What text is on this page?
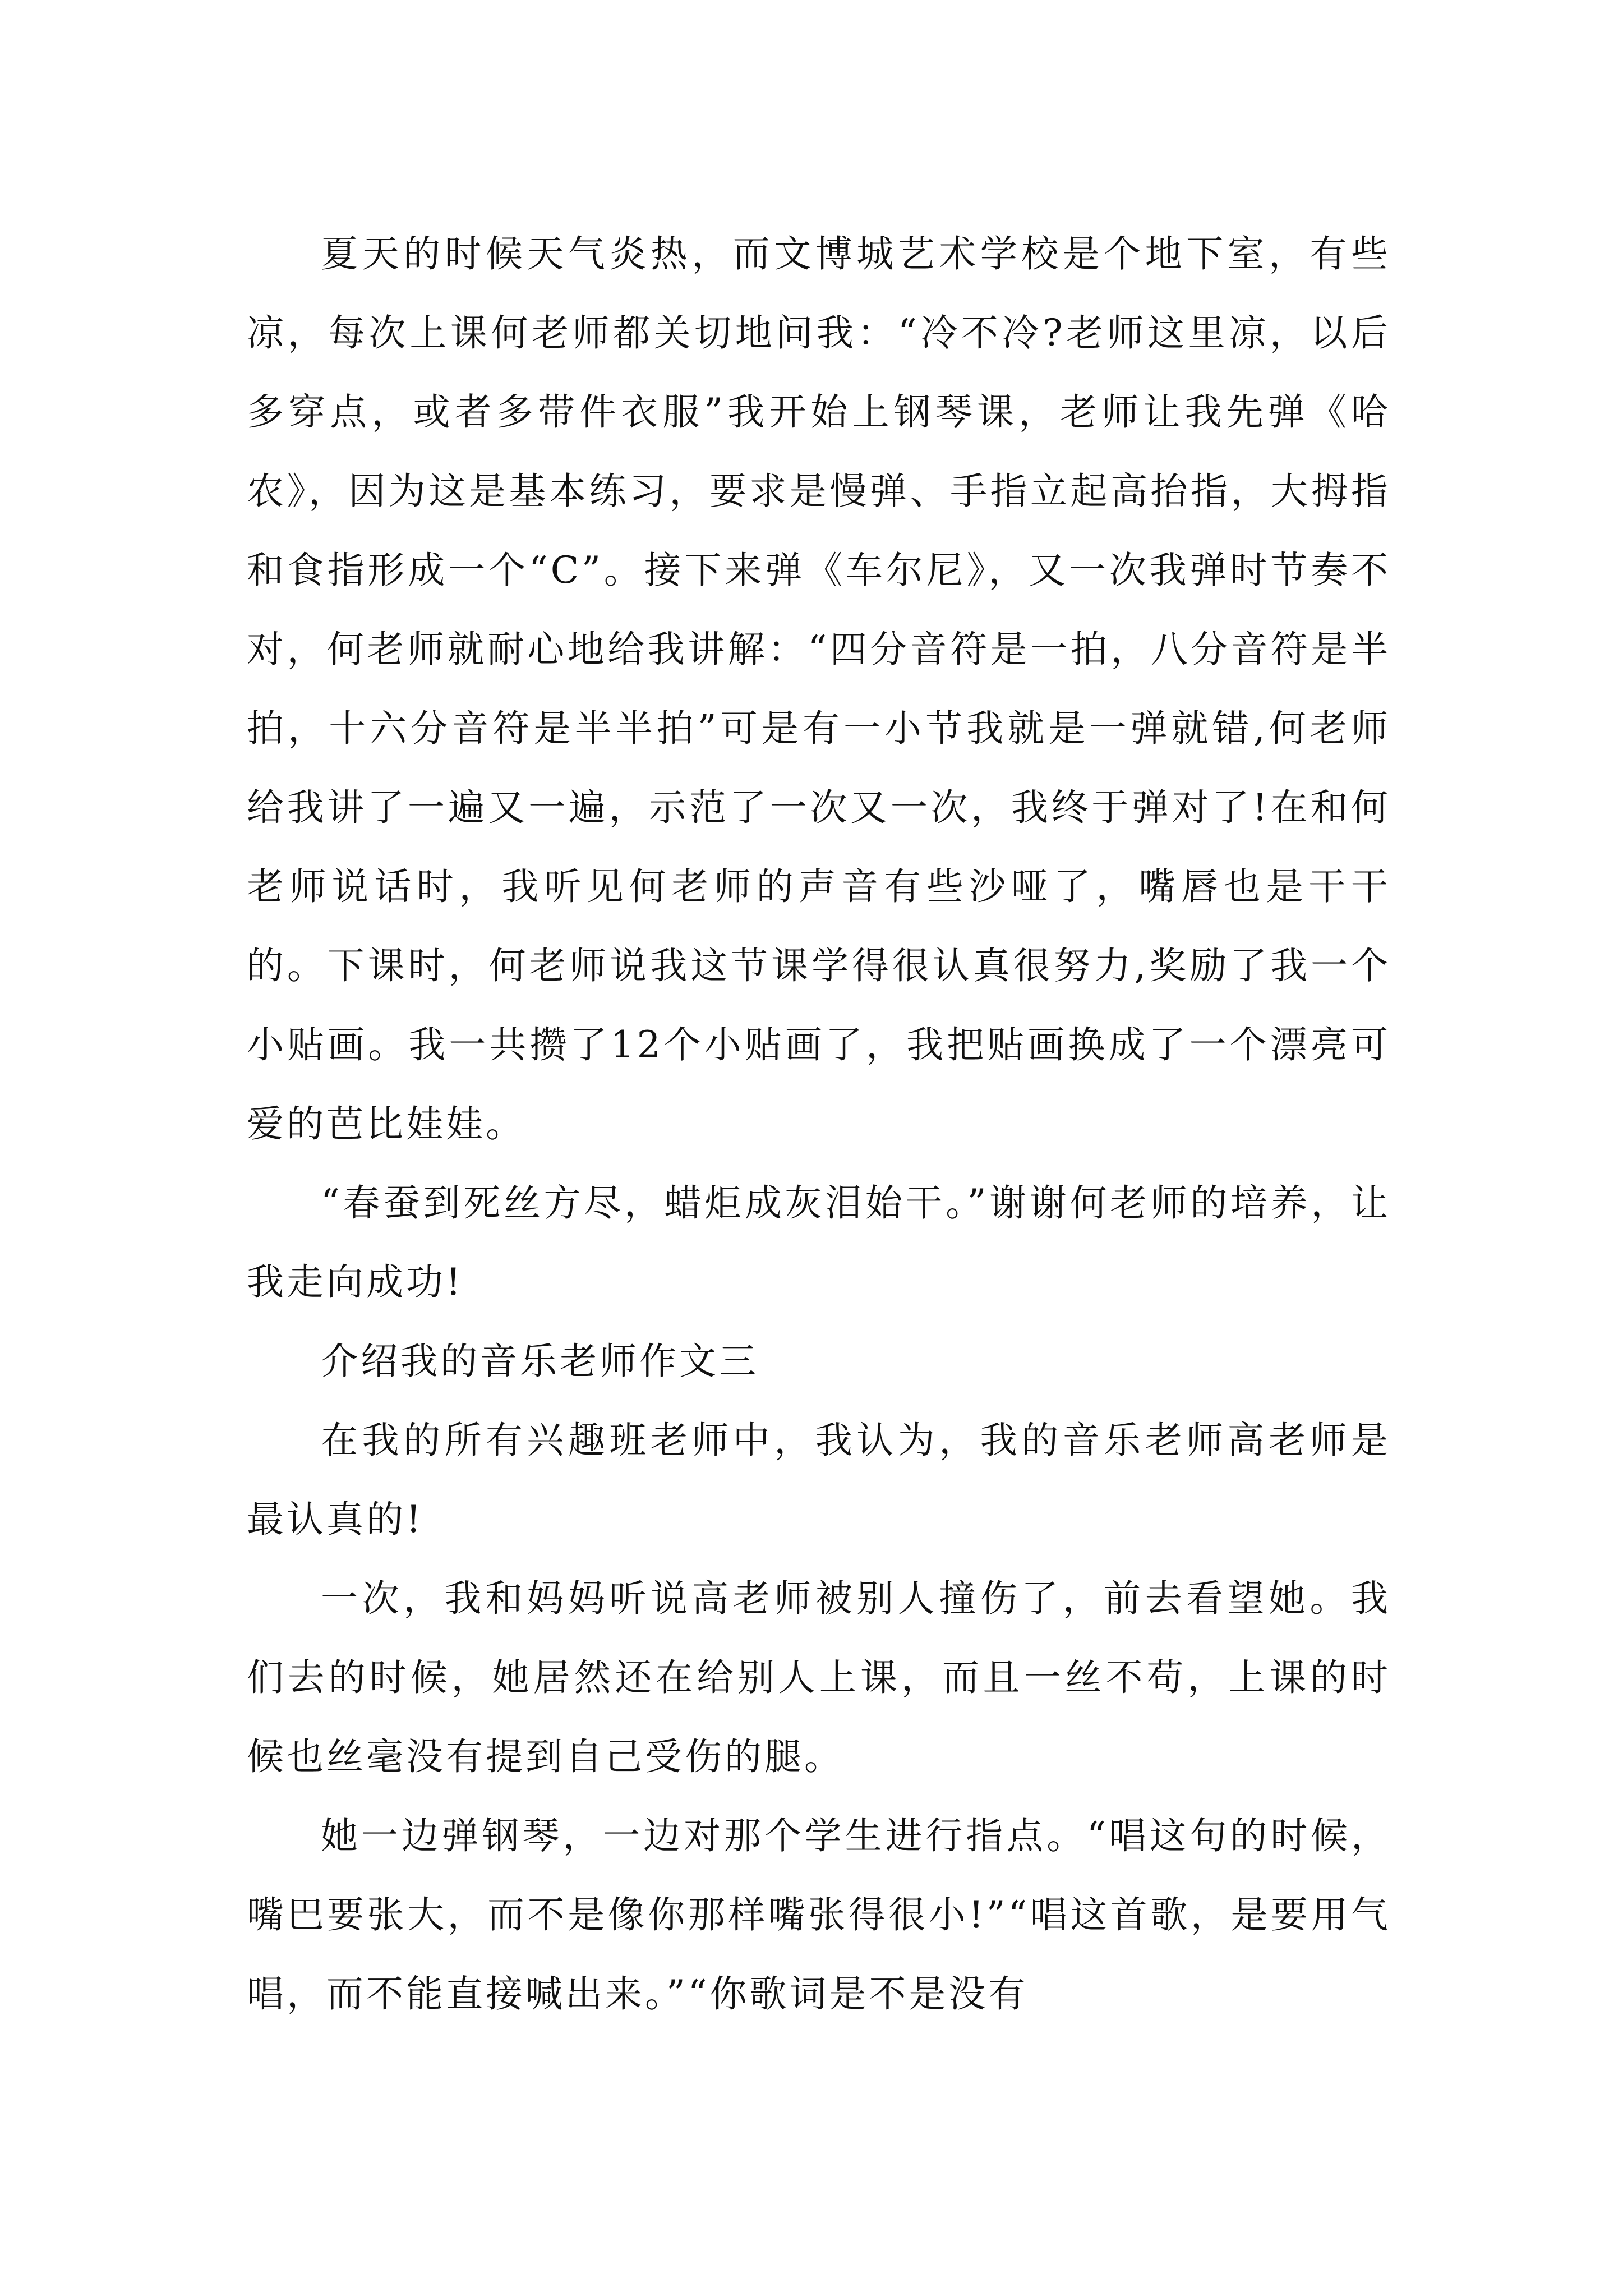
夏天的时候天气炎热，而文博城艺术学校是个地下室，有些凉，每次上课何老师都关切地问我：“冷不冷?老师这里凉，以后多穿点，或者多带件衣服”我开始上钢琴课，老师让我先弹《哈农》，因为这是基本练习，要求是慢弹、手指立起高抬指，大拇指和食指形成一个“C”。接下来弹《车尔尼》，又一次我弹时节奏不对，何老师就耐心地给我讲解：“四分音符是一拍，八分音符是半拍，十六分音符是半半拍”可是有一小节我就是一弹就错,何老师给我讲了一遍又一遍，示范了一次又一次，我终于弹对了!在和何老师说话时，我听见何老师的声音有些沙哑了，嘴唇也是干干的。下课时，何老师说我这节课学得很认真很努力,奖励了我一个小贴画。我一共攒了12个小贴画了，我把贴画换成了一个漂亮可爱的芭比娃娃。

“春蚕到死丝方尽，蜡炬成灰泪始干。”谢谢何老师的培养，让我走向成功!

介绍我的音乐老师作文三

在我的所有兴趣班老师中，我认为，我的音乐老师高老师是最认真的!

一次，我和妈妈听说高老师被别人撞伤了，前去看望她。我们去的时候，她居然还在给别人上课，而且一丝不苟，上课的时候也丝毫没有提到自己受伤的腿。

她一边弹钢琴，一边对那个学生进行指点。“唱这句的时候，嘴巴要张大，而不是像你那样嘴张得很小!”“唱这首歌，是要用气唱，而不能直接喊出来。”“你歌词是不是没有
